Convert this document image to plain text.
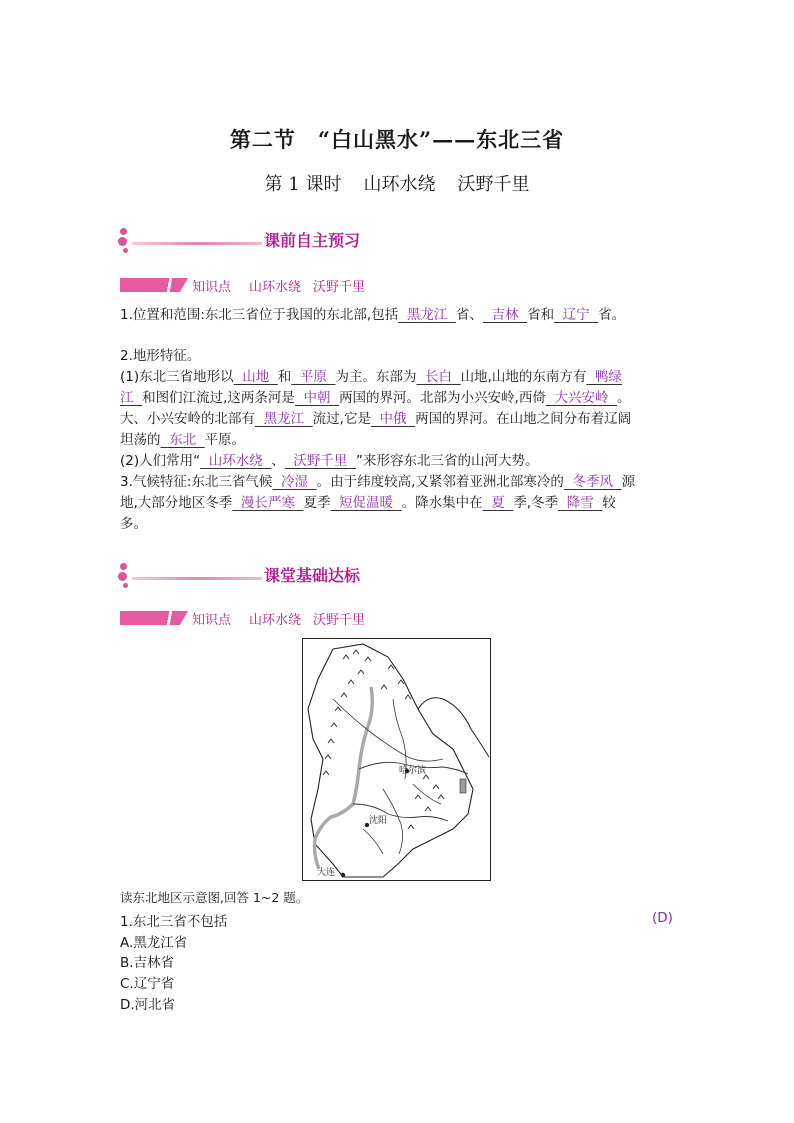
第二节　“白山黑水”——东北三省
第 1 课时 山环水绕 沃野千里
课前自主预习
知识点 山环水绕 沃野千里

1.位置和范围:东北三省位于我国的东北部,包括  黑龙江  省、  吉林  省和  辽宁  省。

2.地形特征。

(1)东北三省地形以  山地  和  平原  为主。东部为  长白  山地,山地的东南方有  鸭绿

江  和图们江流过,这两条河是  中朝  两国的界河。北部为小兴安岭,西倚  大兴安岭  。

大、小兴安岭的北部有  黑龙江  流过,它是  中俄  两国的界河。在山地之间分布着辽阔

坦荡的  东北  平原。

(2)人们常用“  山环水绕  、  沃野千里  ”来形容东北三省的山河大势。

3.气候特征:东北三省气候  冷湿  。由于纬度较高,又紧邻着亚洲北部寒冷的  冬季风  源

地,大部分地区冬季  漫长严寒  夏季  短促温暖  。降水集中在  夏  季,冬季  降雪  较

多。

课堂基础达标
知识点 山环水绕 沃野千里
哈尔滨
沈阳
大连
读东北地区示意图,回答 1~2 题。
1.东北三省不包括	(D)
A.黑龙江省
B.吉林省
C.辽宁省
D.河北省
